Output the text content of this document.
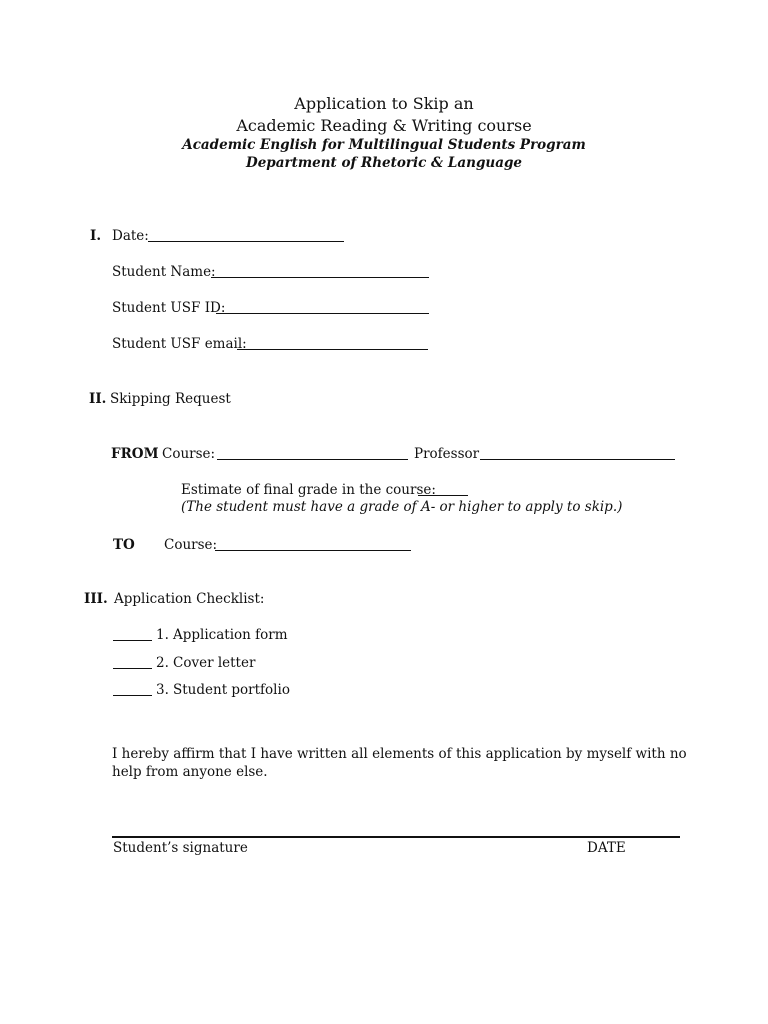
Application to Skip an
Academic Reading & Writing course
Academic English for Multilingual Students Program
Department of Rhetoric & Language
I. Date:
Student Name:
Student USF ID:
Student USF email:
II. Skipping Request
FROM Course:	Professor
Estimate of final grade in the course:
(The student must have a grade of A- or higher to apply to skip.)
TO Course:
III. Application Checklist:
1. Application form
2. Cover letter
3. Student portfolio
I hereby affirm that I have written all elements of this application by myself with no
help from anyone else.
Student’s signature	DATE
